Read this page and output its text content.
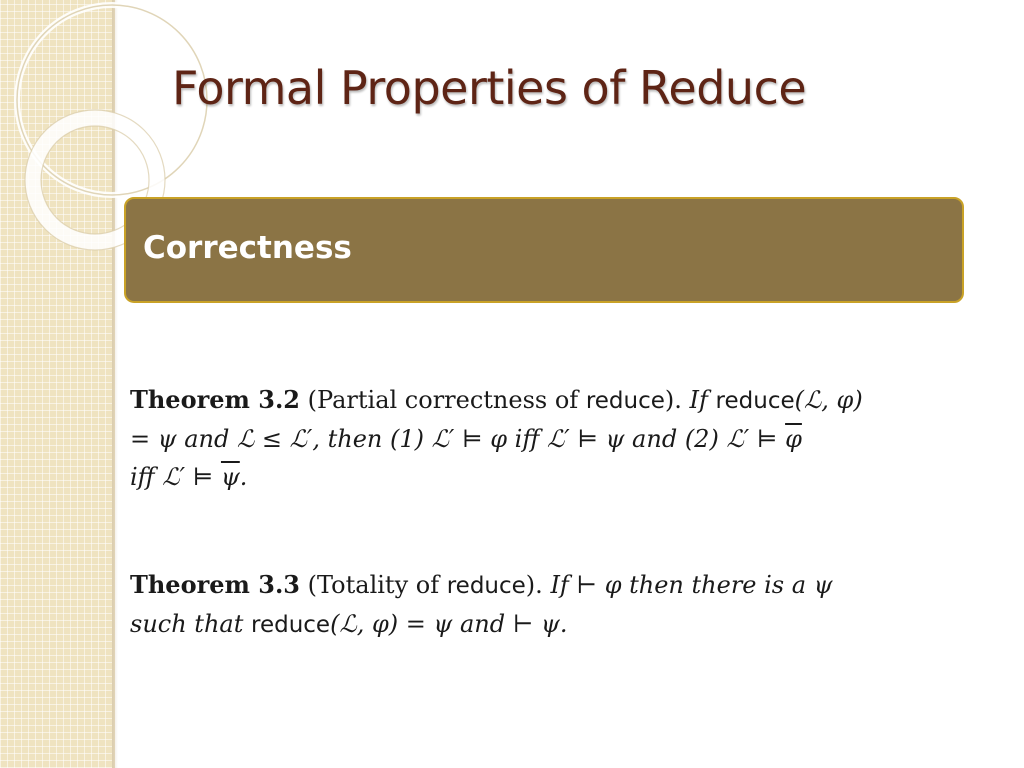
Formal Properties of Reduce
Correctness
Theorem 3.2 (Partial correctness of reduce). If reduce(ℒ, φ)
= ψ and ℒ ≤ ℒ′, then (1) ℒ′ ⊨ φ iff ℒ′ ⊨ ψ and (2) ℒ′ ⊨ $\overline{\varphi}$
iff ℒ′ ⊨ $\overline{\psi}$.
Theorem 3.3 (Totality of reduce). If ⊢ φ then there is a ψ
such that reduce(ℒ, φ) = ψ and ⊢ ψ.
